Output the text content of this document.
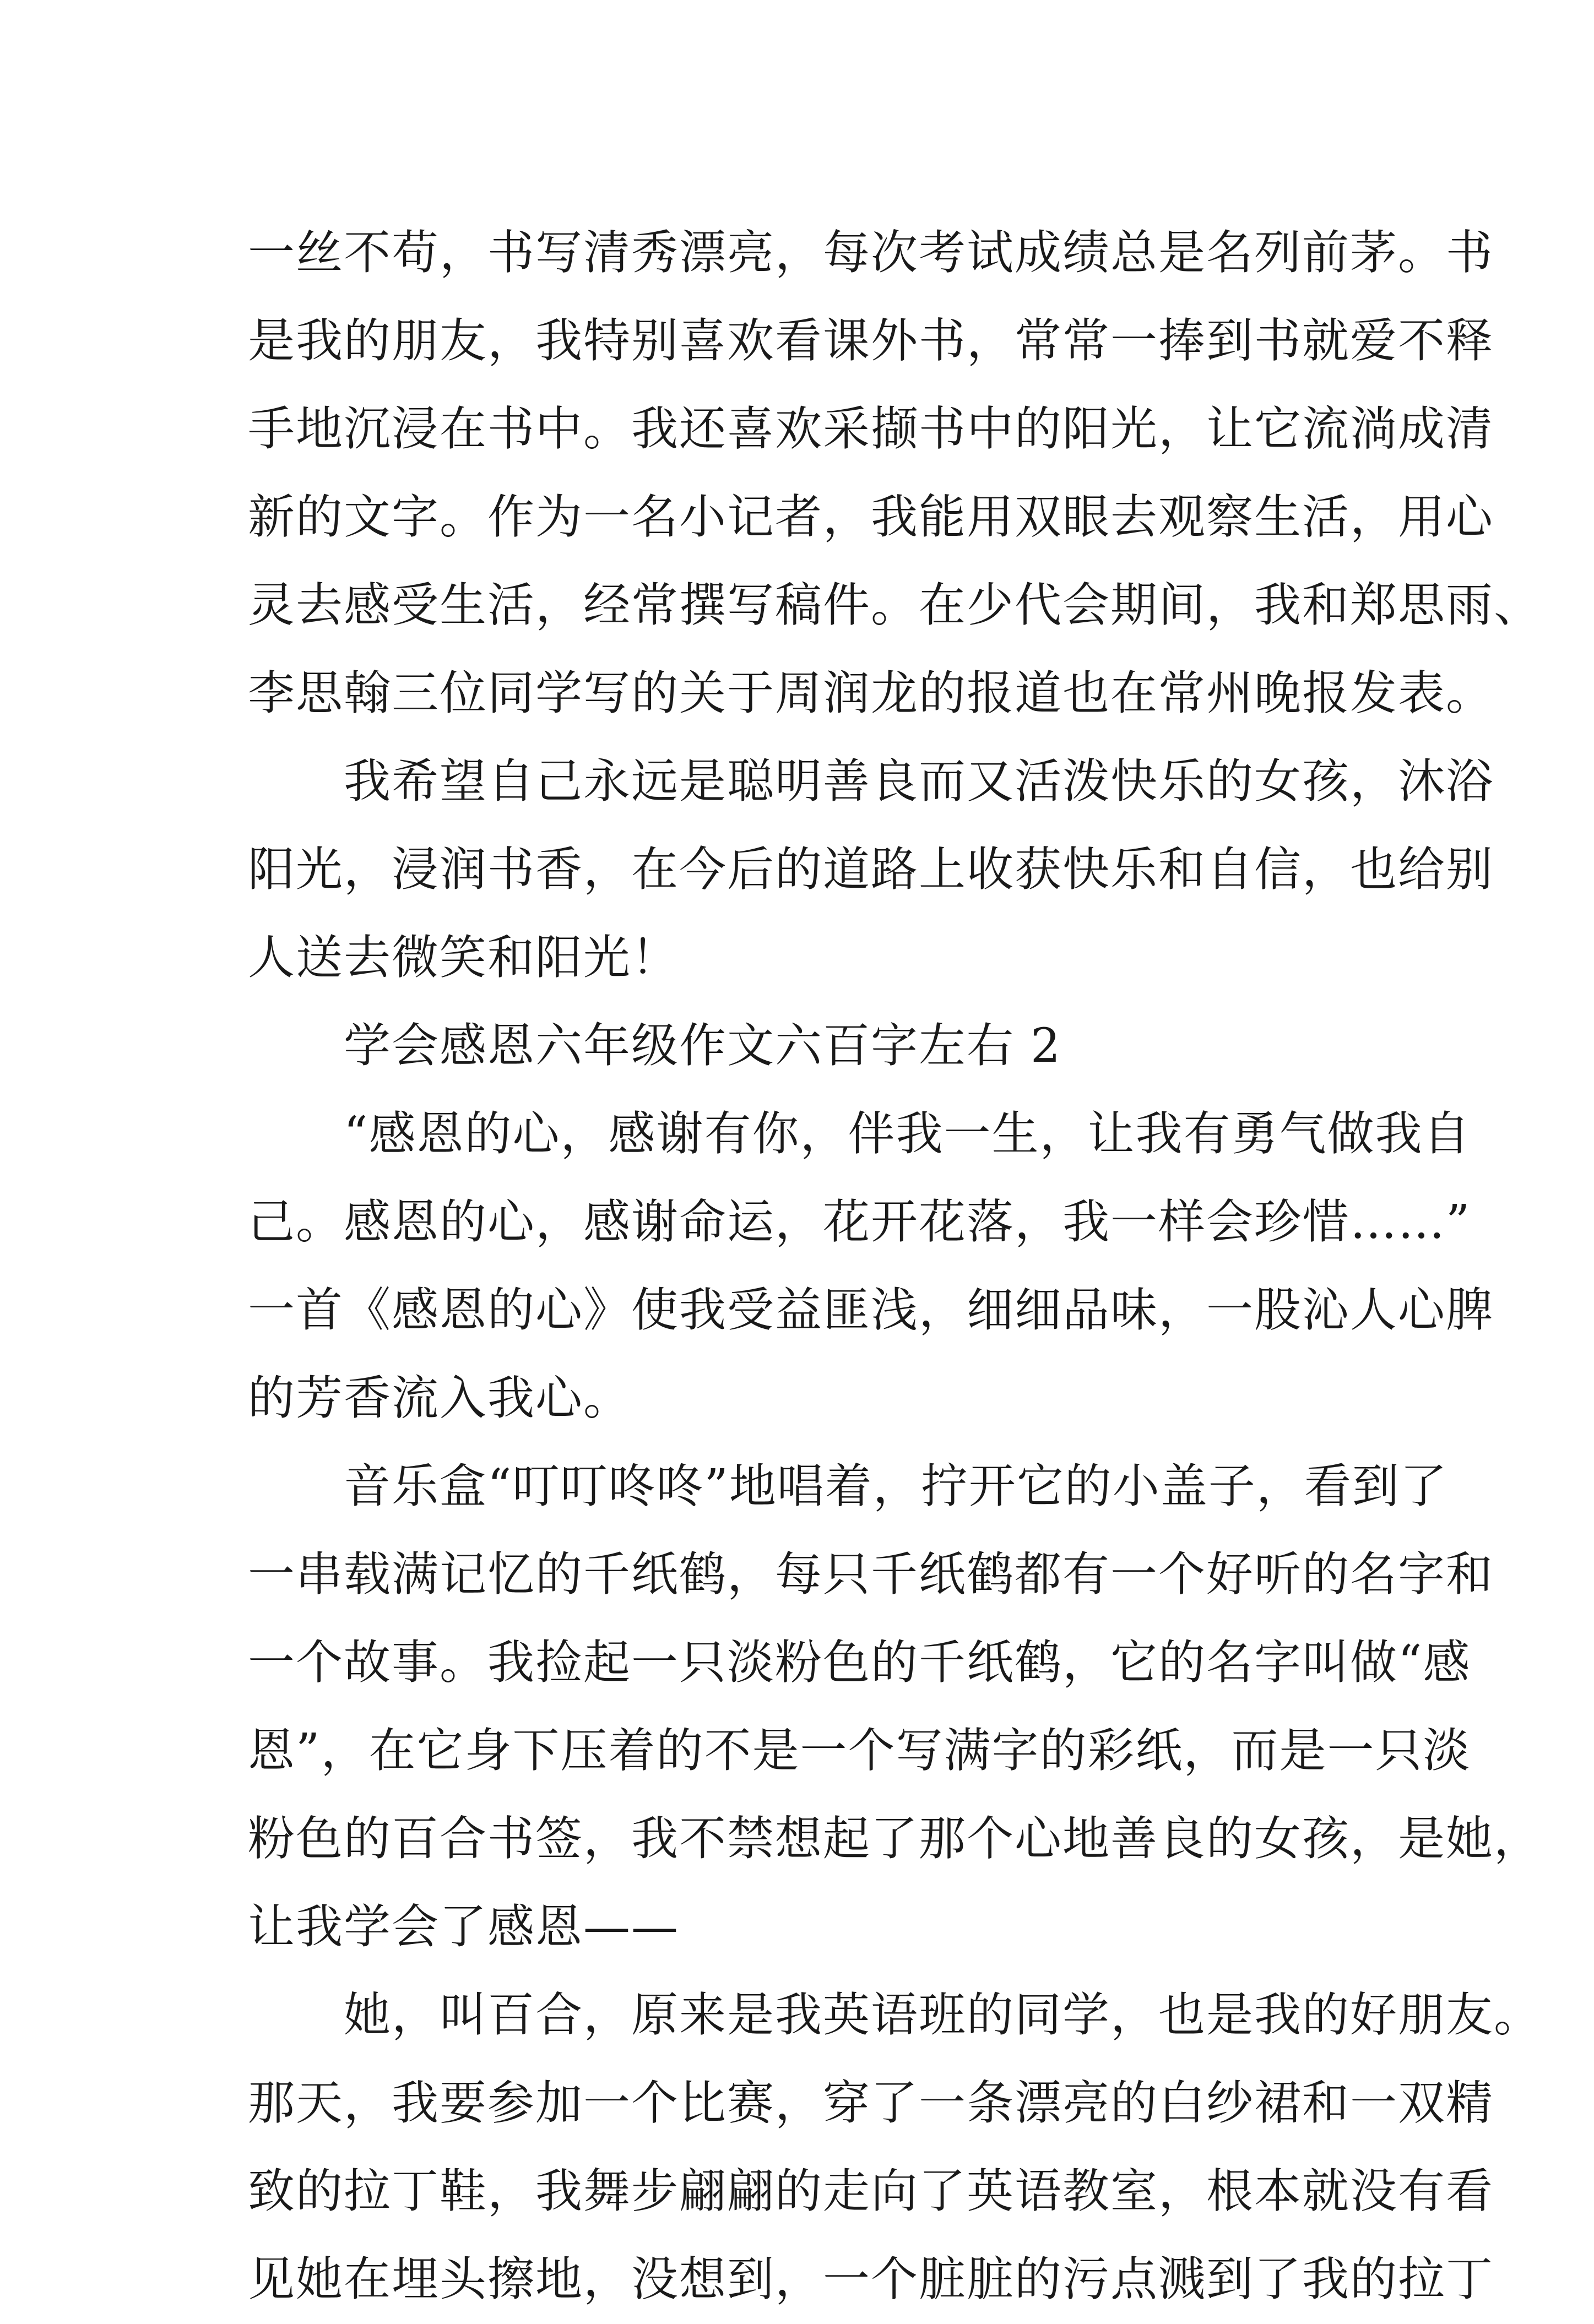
一丝不苟，书写清秀漂亮，每次考试成绩总是名列前茅。书
是我的朋友，我特别喜欢看课外书，常常一捧到书就爱不释
手地沉浸在书中。我还喜欢采撷书中的阳光，让它流淌成清
新的文字。作为一名小记者，我能用双眼去观察生活，用心
灵去感受生活，经常撰写稿件。在少代会期间，我和郑思雨、
李思翰三位同学写的关于周润龙的报道也在常州晚报发表。
　　我希望自己永远是聪明善良而又活泼快乐的女孩，沐浴
阳光，浸润书香，在今后的道路上收获快乐和自信，也给别
人送去微笑和阳光！
　　学会感恩六年级作文六百字左右 2
　　“感恩的心，感谢有你，伴我一生，让我有勇气做我自
己。感恩的心，感谢命运，花开花落，我一样会珍惜……”
一首《感恩的心》使我受益匪浅，细细品味，一股沁人心脾
的芳香流入我心。
　　音乐盒“叮叮咚咚”地唱着，拧开它的小盖子，看到了
一串载满记忆的千纸鹤，每只千纸鹤都有一个好听的名字和
一个故事。我捡起一只淡粉色的千纸鹤，它的名字叫做“感
恩”，在它身下压着的不是一个写满字的彩纸，而是一只淡
粉色的百合书签，我不禁想起了那个心地善良的女孩，是她，
让我学会了感恩——
　　她，叫百合，原来是我英语班的同学，也是我的好朋友。
那天，我要参加一个比赛，穿了一条漂亮的白纱裙和一双精
致的拉丁鞋，我舞步翩翩的走向了英语教室，根本就没有看
见她在埋头擦地，没想到，一个脏脏的污点溅到了我的拉丁
